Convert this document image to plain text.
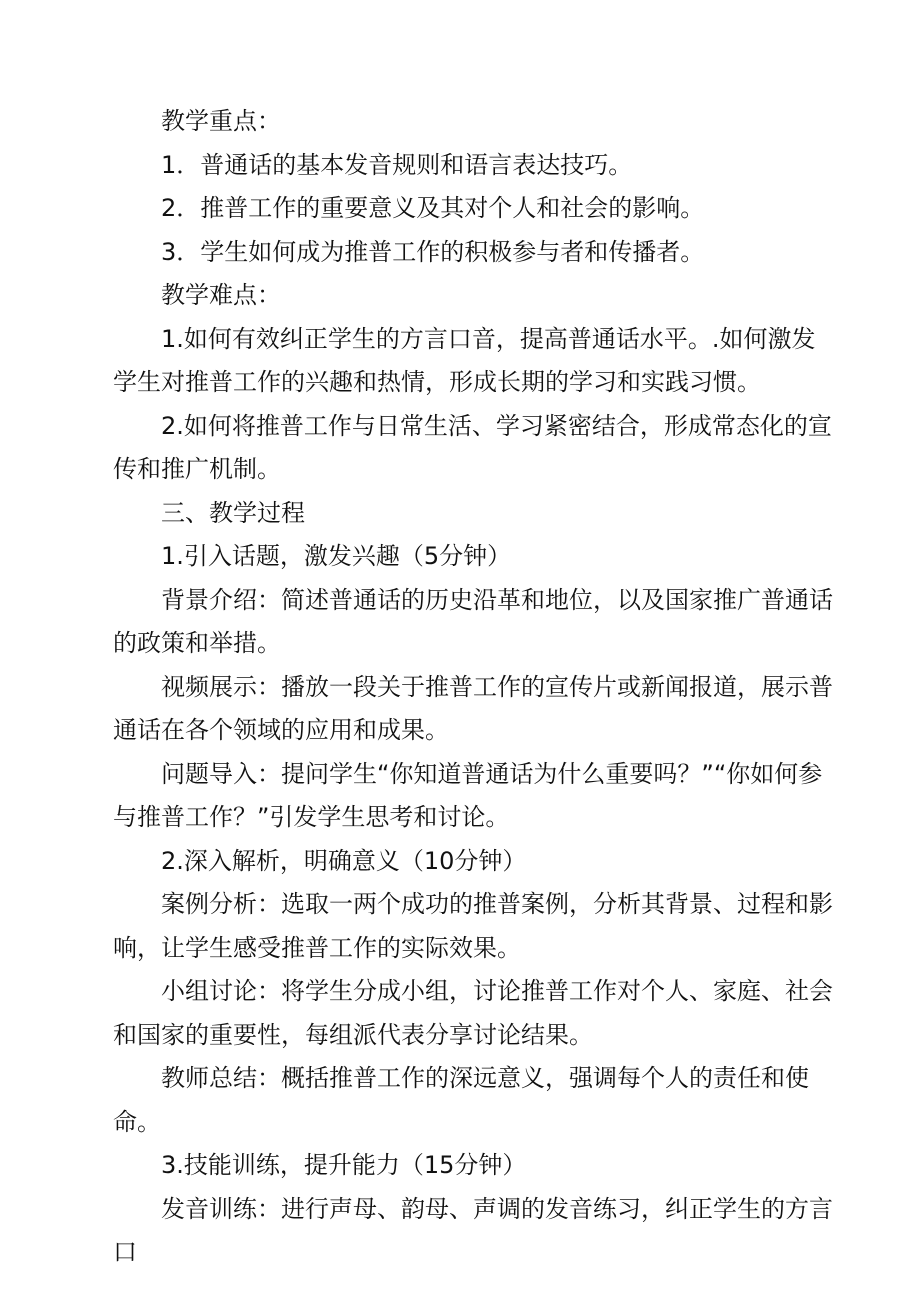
教学重点：

1．普通话的基本发音规则和语言表达技巧。

2．推普工作的重要意义及其对个人和社会的影响。

3．学生如何成为推普工作的积极参与者和传播者。

教学难点：

1.如何有效纠正学生的方言口音，提高普通话水平。.如何激发学生对推普工作的兴趣和热情，形成长期的学习和实践习惯。

2.如何将推普工作与日常生活、学习紧密结合，形成常态化的宣传和推广机制。

三、教学过程

1.引入话题，激发兴趣（5分钟）

背景介绍：简述普通话的历史沿革和地位，以及国家推广普通话的政策和举措。

视频展示：播放一段关于推普工作的宣传片或新闻报道，展示普通话在各个领域的应用和成果。

问题导入：提问学生“你知道普通话为什么重要吗？”“你如何参与推普工作？”引发学生思考和讨论。

2.深入解析，明确意义（10分钟）

案例分析：选取一两个成功的推普案例，分析其背景、过程和影响，让学生感受推普工作的实际效果。

小组讨论：将学生分成小组，讨论推普工作对个人、家庭、社会和国家的重要性，每组派代表分享讨论结果。

教师总结：概括推普工作的深远意义，强调每个人的责任和使命。

3.技能训练，提升能力（15分钟）

发音训练：进行声母、韵母、声调的发音练习，纠正学生的方言口
